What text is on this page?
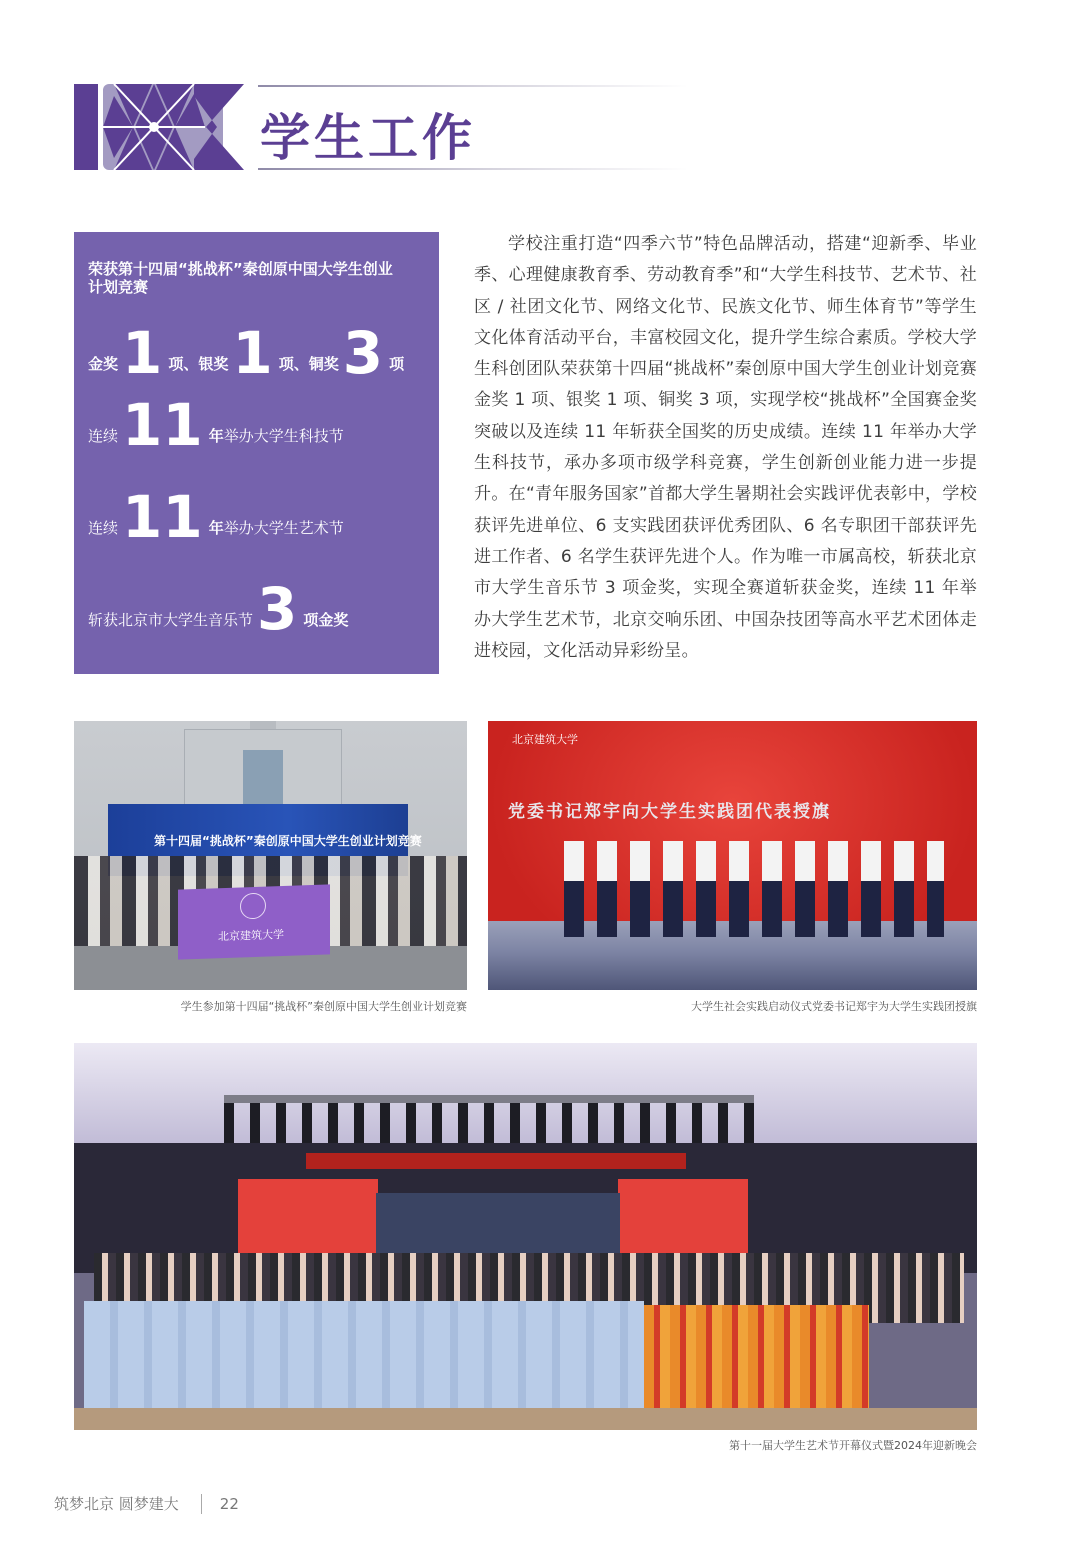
学生工作
荣获第十四届“挑战杯”秦创原中国大学生创业计划竞赛
金奖 1 项、银奖 1 项、铜奖 3 项
连续 11 年 举办大学生科技节
连续 11 年 举办大学生艺术节
斩获北京市大学生音乐节 3 项金奖

学校注重打造“四季六节”特色品牌活动，搭建“迎新季、毕业季、心理健康教育季、劳动教育季”和“大学生科技节、艺术节、社区 / 社团文化节、网络文化节、民族文化节、师生体育节”等学生文化体育活动平台，丰富校园文化，提升学生综合素质。学校大学生科创团队荣获第十四届“挑战杯”秦创原中国大学生创业计划竞赛金奖 1 项、银奖 1 项、铜奖 3 项，实现学校“挑战杯”全国赛金奖突破以及连续 11 年斩获全国奖的历史成绩。连续 11 年举办大学生科技节，承办多项市级学科竞赛，学生创新创业能力进一步提升。在“青年服务国家”首都大学生暑期社会实践评优表彰中，学校获评先进单位、6 支实践团获评优秀团队、6 名专职团干部获评先进工作者、6 名学生获评先进个人。作为唯一市属高校，斩获北京市大学生音乐节 3 项金奖，实现全赛道斩获金奖，连续 11 年举办大学生艺术节，北京交响乐团、中国杂技团等高水平艺术团体走进校园，文化活动异彩纷呈。

第十四届“挑战杯”秦创原中国大学生创业计划竞赛
北京建筑大学
学生参加第十四届“挑战杯”秦创原中国大学生创业计划竞赛
北京建筑大学
党委书记郑宇向大学生实践团代表授旗
大学生社会实践启动仪式党委书记郑宇为大学生实践团授旗
第十一届大学生艺术节开幕仪式暨2024年迎新晚会
筑梦北京 圆梦建大	22
